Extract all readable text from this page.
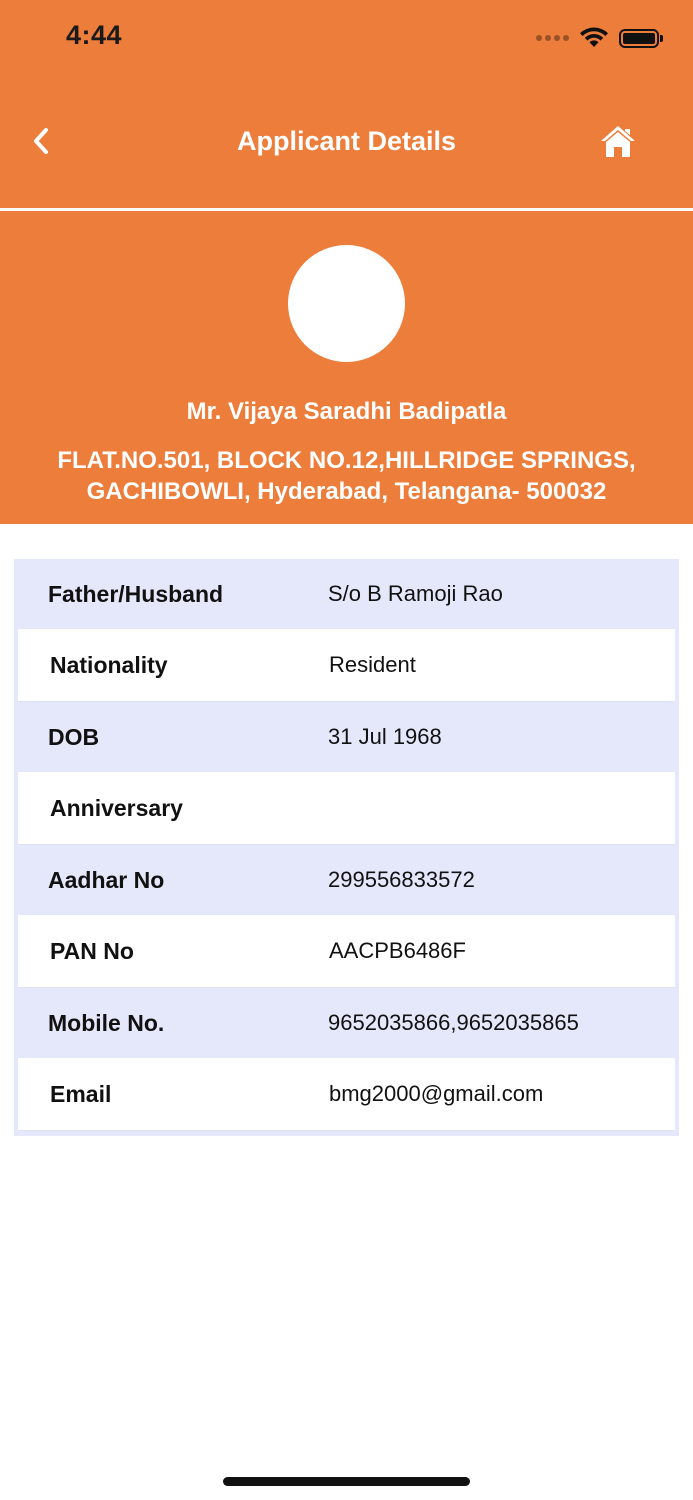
4:44
Applicant Details
Mr. Vijaya Saradhi Badipatla
FLAT.NO.501, BLOCK NO.12,HILLRIDGE SPRINGS, GACHIBOWLI, Hyderabad, Telangana- 500032
Father/Husband	S/o B Ramoji Rao
Nationality	Resident
DOB	31 Jul 1968
Anniversary
Aadhar No	299556833572
PAN No	AACPB6486F
Mobile No.	9652035866,9652035865
Email	bmg2000@gmail.com
